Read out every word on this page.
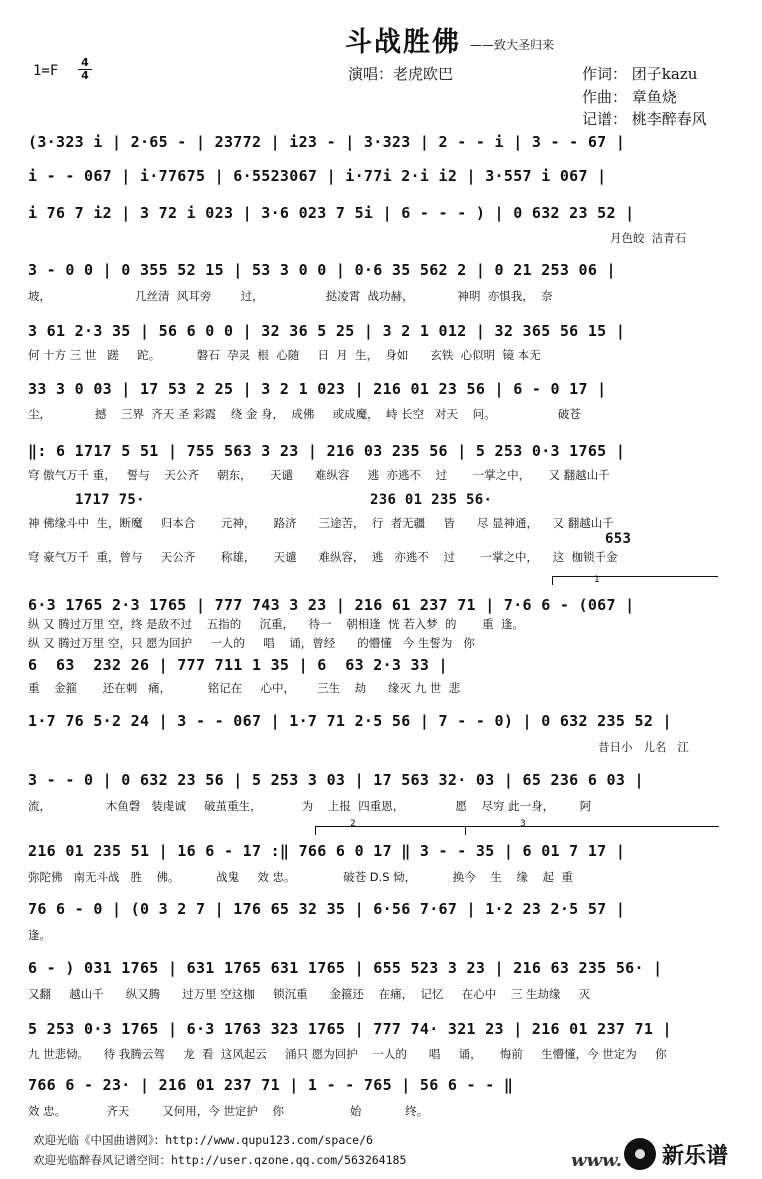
斗战胜佛 ——致大圣归来
1=F
4
4	演唱：老虎欧巴	作词： 团子kazu
作曲： 章鱼烧
记谱： 桃李醉春风
(3·323 i | 2·65 - | 23772 | i23 - | 3·323 | 2 - - i | 3 - - 67 |
i - - 067 | i·77675 | 6·5523067 | i·77i 2·i i2 | 3·557 i 067 |
i 76 7 i2 | 3 72 i 023 | 3·6 023 7 5i | 6 - - - ) | 0 632 23 52 |
月色皎  洁青石
3 - 0 0 | 0 355 52 15 | 53 3 0 0 | 0·6 35 562 2 | 0 21 253 06 |
坡，                       几丝清  风耳旁        过，                 挞凌霄  战功赫，            神明  亦惧我，  奈
3 61 2·3 35 | 56 6 0 0 | 32 36 5 25 | 3 2 1 012 | 32 365 56 15 |
何 十方 三 世   蹉     跎。          磐石  孕灵  根  心随     日  月  生，  身如      玄铁  心似明  镜 本无
33 3 0 03 | 17 53 2 25 | 3 2 1 023 | 216 01 23 56 | 6 - 0 17 |
尘，            撼    三界  齐天 圣 彩霞    绕 金 身，  成佛     或成魔，  峙 长空   对天    问。                 破苍
‖: 6 1717 5 51 | 755 563 3 23 | 216 03 235 56 | 5 253 0·3 1765 |
穹 傲气万千 重，   誓与    天公齐     朝东，     天谴      难纵容     逃  亦逃不    过       一掌之中，     又 翻越山千
1717 75·	236 01 235 56·
神 佛缘斗中  生，断魔     归本合       元神，     路济      三途苦，  行  者无疆     皆      尽 显神通，    又 翻越山千
653
穹 豪气万千  重，曾与     天公齐       称雄，     天谴      难纵容，  逃   亦逃不    过       一掌之中，    这  枷锁千金
1
6·3 1765 2·3 1765 | 777 743 3 23 | 216 61 237 71 | 7·6 6 - (067 |
纵 又 腾过万里 空，终 是敌不过    五指的     沉重，    待一    朝相逢  恍 若入梦  的       重  逢。
纵 又 腾过万里 空，只 愿为回护     一人的     唱    诵，曾经      的懵懂   今 生誓为   你
6  63  232 26 | 777 711 1 35 | 6  63 2·3 33 |
重    金箍       还在刺   痛，          铭记在     心中，      三生    劫      缘灭 九 世  悲
1·7 76 5·2 24 | 3 - - 067 | 1·7 71 2·5 56 | 7 - - 0) | 0 632 235 52 |
昔日小   儿名   江
3 - - 0 | 0 632 23 56 | 5 253 3 03 | 17 563 32· 03 | 65 236 6 03 |
流，               木鱼磬   装虔诚     破茧重生，           为    上报  四重恩，              愿    尽穷 此一身，       阿
2	3
216 01 235 51 | 16 6 - 17 :‖ 766 6 0 17 ‖ 3 - - 35 | 6 01 7 17 |
弥陀佛   南无斗战   胜    佛。          战鬼     效 忠。             破苍 D.S 恸，          换今    生    缘    起  重
76 6 - 0 | (0 3 2 7 | 176 65 32 35 | 6·56 7·67 | 1·2 23 2·5 57 |
逢。
6 - ) 031 1765 | 631 1765 631 1765 | 655 523 3 23 | 216 63 235 56· |
又翻     越山千      纵又腾      过万里 空这枷     锁沉重      金箍还    在痛，  记忆     在心中    三 生劫缘     灭
5 253 0·3 1765 | 6·3 1763 323 1765 | 777 74· 321 23 | 216 01 237 71 |
九 世悲恸。    待 我腾云驾     龙  看  这风起云     涌只 愿为回护    一人的      唱     诵，     悔前     生懵懂，今 世定为     你
766 6 - 23· | 216 01 237 71 | 1 - - 765 | 56 6 - - ‖
效 忠。           齐天         又何用，今 世定护    你                  始            终。
欢迎光临《中国曲谱网》：http://www.qupu123.com/space/6
欢迎光临醉春风记谱空间：http://user.qzone.qq.com/563264185	www. 新乐谱
